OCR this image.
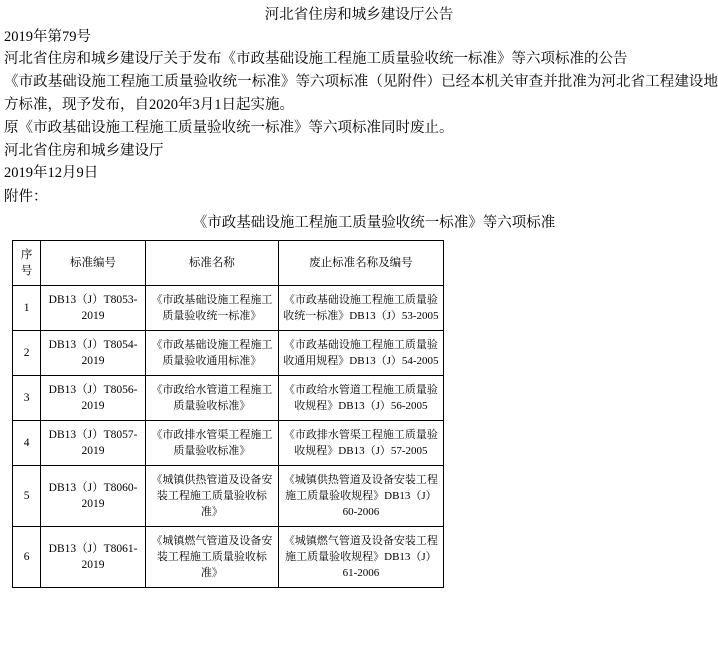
河北省住房和城乡建设厅公告
2019年第79号
河北省住房和城乡建设厅关于发布《市政基础设施工程施工质量验收统一标准》等六项标准的公告
《市政基础设施工程施工质量验收统一标准》等六项标准（见附件）已经本机关审查并批准为河北省工程建设地方标准，现予发布，自2020年3月1日起实施。
原《市政基础设施工程施工质量验收统一标准》等六项标准同时废止。
河北省住房和城乡建设厅
2019年12月9日
附件：
《市政基础设施工程施工质量验收统一标准》等六项标准
序号	标准编号	标准名称	废止标准名称及编号
1	DB13（J）T8053-2019	《市政基础设施工程施工质量验收统一标准》	《市政基础设施工程施工质量验收统一标准》DB13（J）53-2005
2	DB13（J）T8054-2019	《市政基础设施工程施工质量验收通用标准》	《市政基础设施工程施工质量验收通用规程》DB13（J）54-2005
3	DB13（J）T8056-2019	《市政给水管道工程施工质量验收标准》	《市政给水管道工程施工质量验收规程》DB13（J）56-2005
4	DB13（J）T8057-2019	《市政排水管渠工程施工质量验收标准》	《市政排水管渠工程施工质量验收规程》DB13（J）57-2005
5	DB13（J）T8060-2019	《城镇供热管道及设备安装工程施工质量验收标准》	《城镇供热管道及设备安装工程施工质量验收规程》DB13（J）60-2006
6	DB13（J）T8061-2019	《城镇燃气管道及设备安装工程施工质量验收标准》	《城镇燃气管道及设备安装工程施工质量验收规程》DB13（J）61-2006
